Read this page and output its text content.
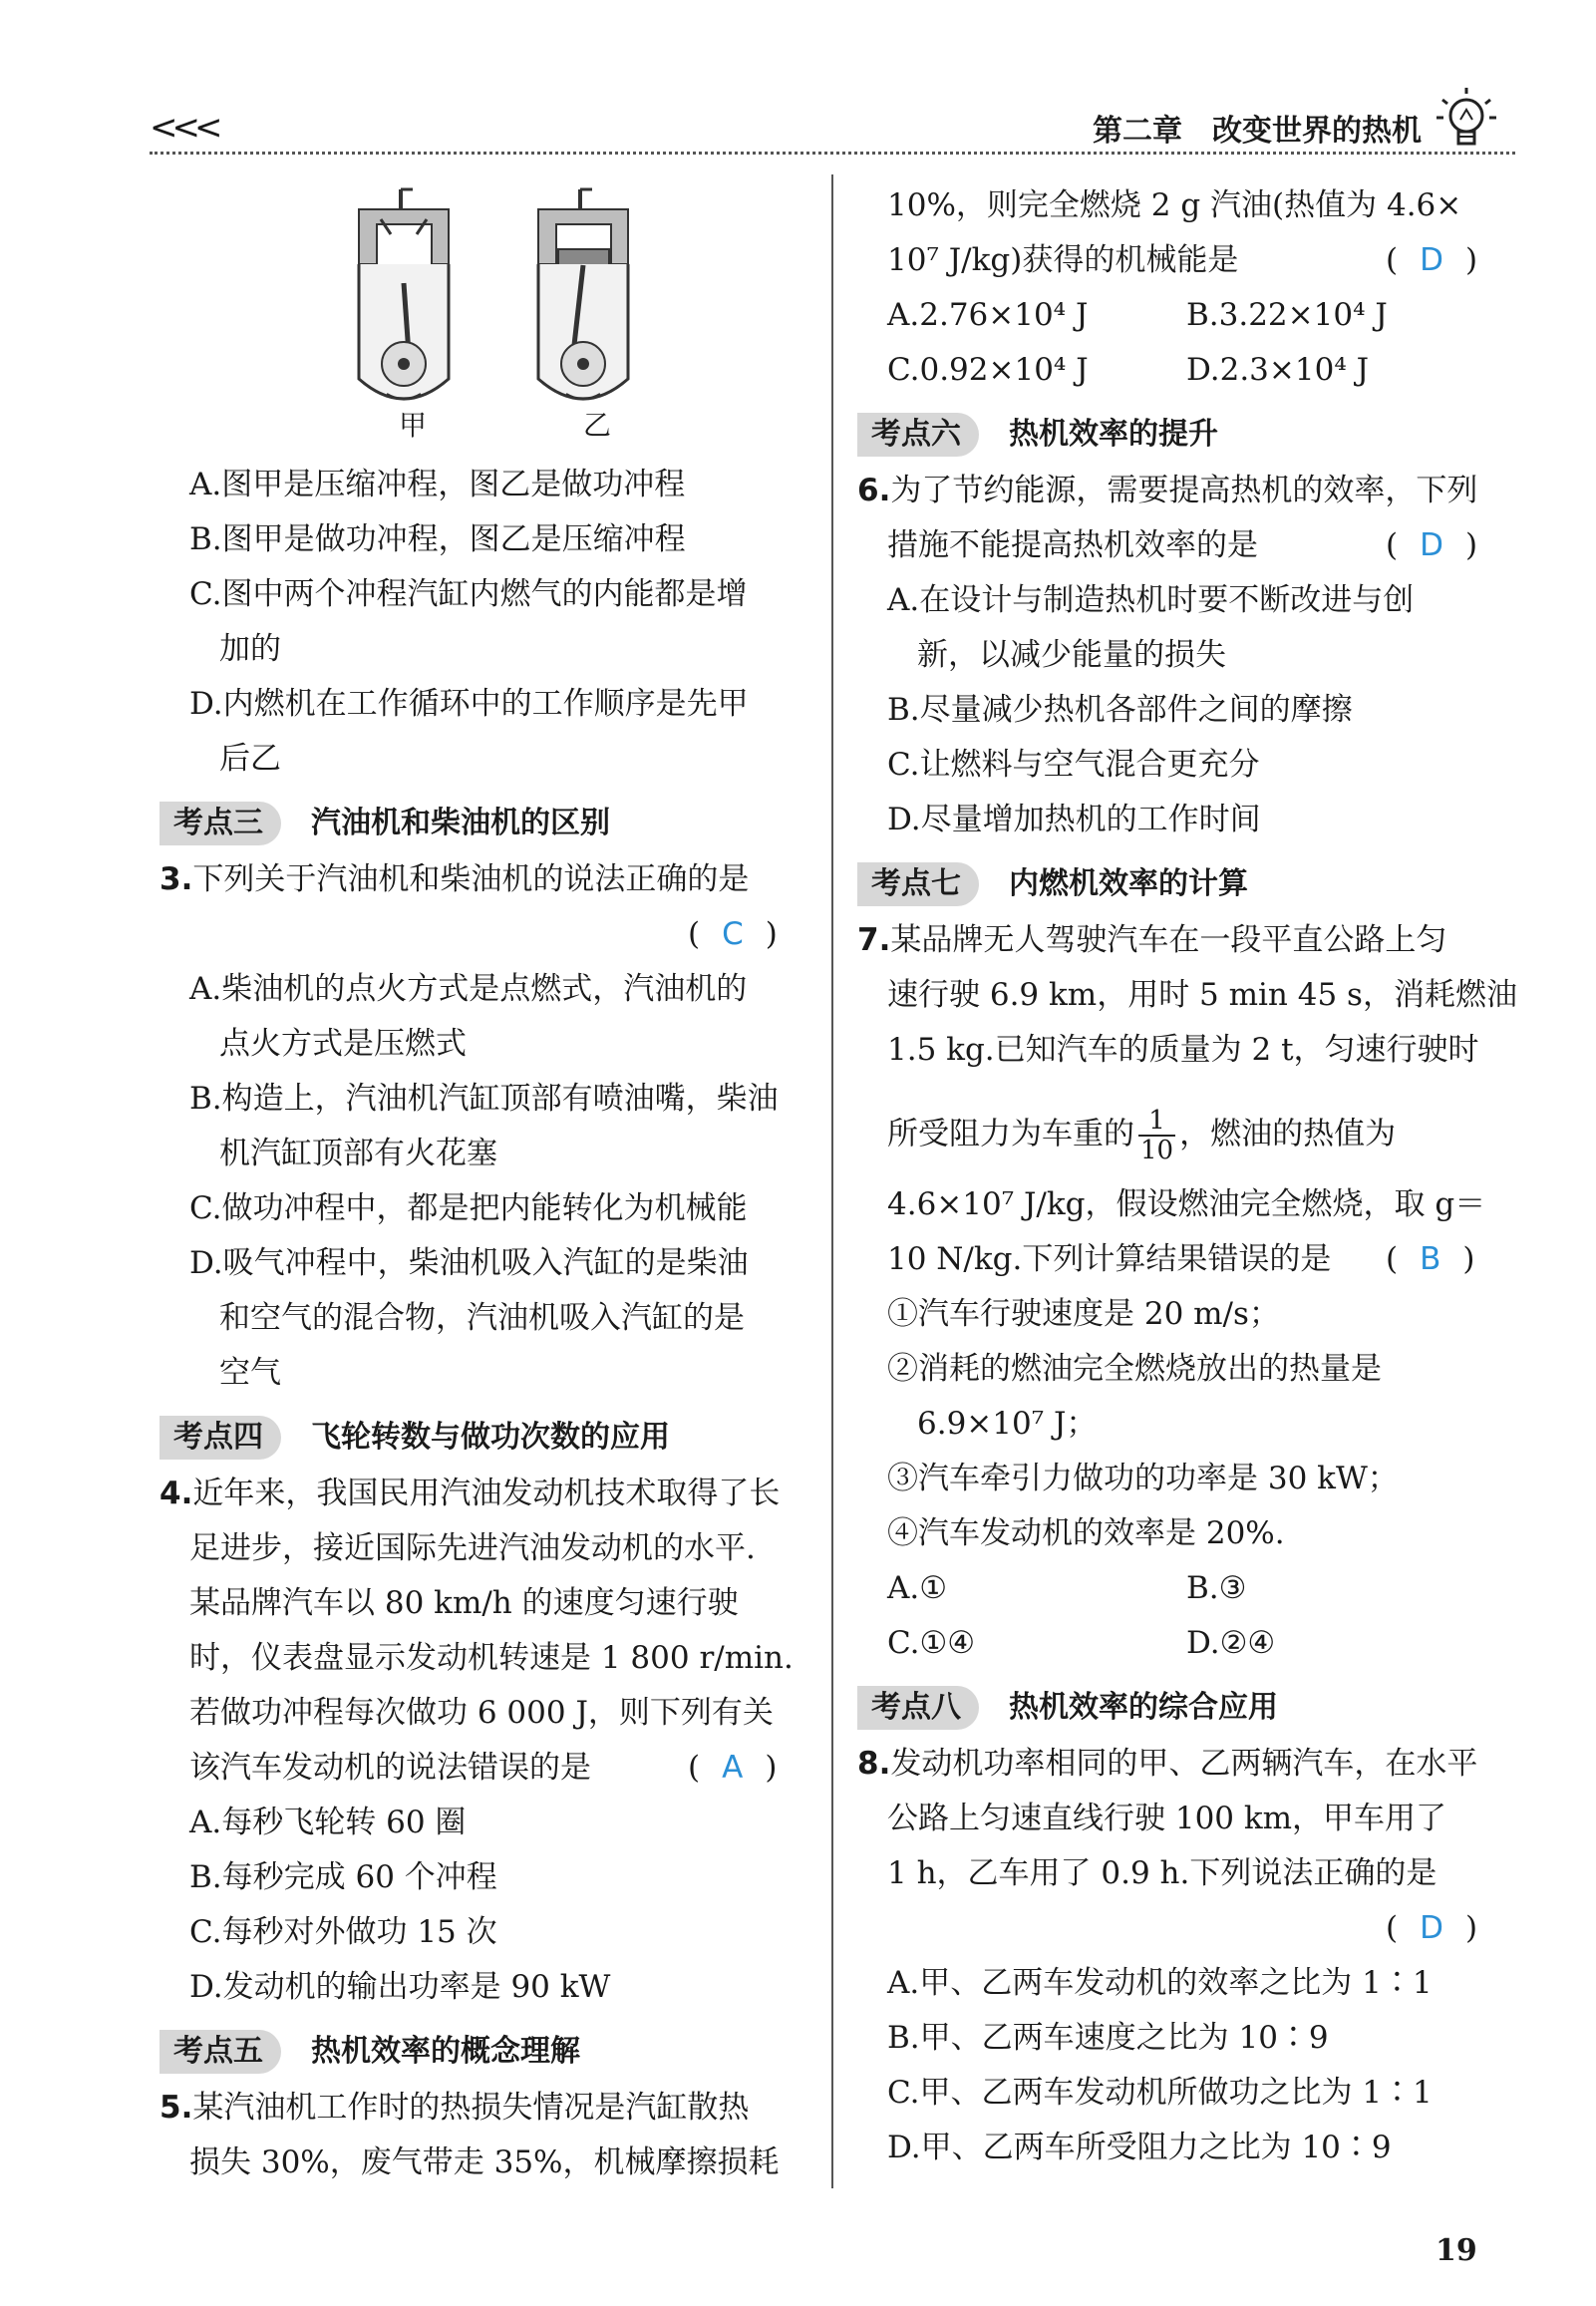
<<<	第二章　改变世界的热机
甲	乙
A.图甲是压缩冲程，图乙是做功冲程
B.图甲是做功冲程，图乙是压缩冲程
C.图中两个冲程汽缸内燃气的内能都是增
加的
D.内燃机在工作循环中的工作顺序是先甲
后乙
考点三 汽油机和柴油机的区别
3.下列关于汽油机和柴油机的说法正确的是
( C )
A.柴油机的点火方式是点燃式，汽油机的
点火方式是压燃式
B.构造上，汽油机汽缸顶部有喷油嘴，柴油
机汽缸顶部有火花塞
C.做功冲程中，都是把内能转化为机械能
D.吸气冲程中，柴油机吸入汽缸的是柴油
和空气的混合物，汽油机吸入汽缸的是
空气
考点四 飞轮转数与做功次数的应用
4.近年来，我国民用汽油发动机技术取得了长
足进步，接近国际先进汽油发动机的水平.
某品牌汽车以 80 km/h 的速度匀速行驶
时，仪表盘显示发动机转速是 1 800 r/min.
若做功冲程每次做功 6 000 J，则下列有关
该汽车发动机的说法错误的是	( A )
A.每秒飞轮转 60 圈
B.每秒完成 60 个冲程
C.每秒对外做功 15 次
D.发动机的输出功率是 90 kW
考点五 热机效率的概念理解
5.某汽油机工作时的热损失情况是汽缸散热
损失 30%，废气带走 35%，机械摩擦损耗
10%，则完全燃烧 2 g 汽油(热值为 4.6×
10⁷ J/kg)获得的机械能是	( D )
A.2.76×10⁴ J	B.3.22×10⁴ J
C.0.92×10⁴ J	D.2.3×10⁴ J
考点六 热机效率的提升
6.为了节约能源，需要提高热机的效率，下列
措施不能提高热机效率的是	( D )
A.在设计与制造热机时要不断改进与创
新，以减少能量的损失
B.尽量减少热机各部件之间的摩擦
C.让燃料与空气混合更充分
D.尽量增加热机的工作时间
考点七 内燃机效率的计算
7.某品牌无人驾驶汽车在一段平直公路上匀
速行驶 6.9 km，用时 5 min 45 s，消耗燃油
1.5 kg.已知汽车的质量为 2 t，匀速行驶时
所受阻力为车重的 $\frac{1}{10}$ ，燃油的热值为
4.6×10⁷ J/kg，假设燃油完全燃烧，取 g＝
10 N/kg.下列计算结果错误的是 ( B )
①汽车行驶速度是 20 m/s；
②消耗的燃油完全燃烧放出的热量是
6.9×10⁷ J；
③汽车牵引力做功的功率是 30 kW；
④汽车发动机的效率是 20%.
A.①	B.③
C.①④	D.②④
考点八 热机效率的综合应用
8.发动机功率相同的甲、乙两辆汽车，在水平
公路上匀速直线行驶 100 km，甲车用了
1 h，乙车用了 0.9 h.下列说法正确的是
( D )
A.甲、乙两车发动机的效率之比为 1∶1
B.甲、乙两车速度之比为 10∶9
C.甲、乙两车发动机所做功之比为 1∶1
D.甲、乙两车所受阻力之比为 10∶9
19
